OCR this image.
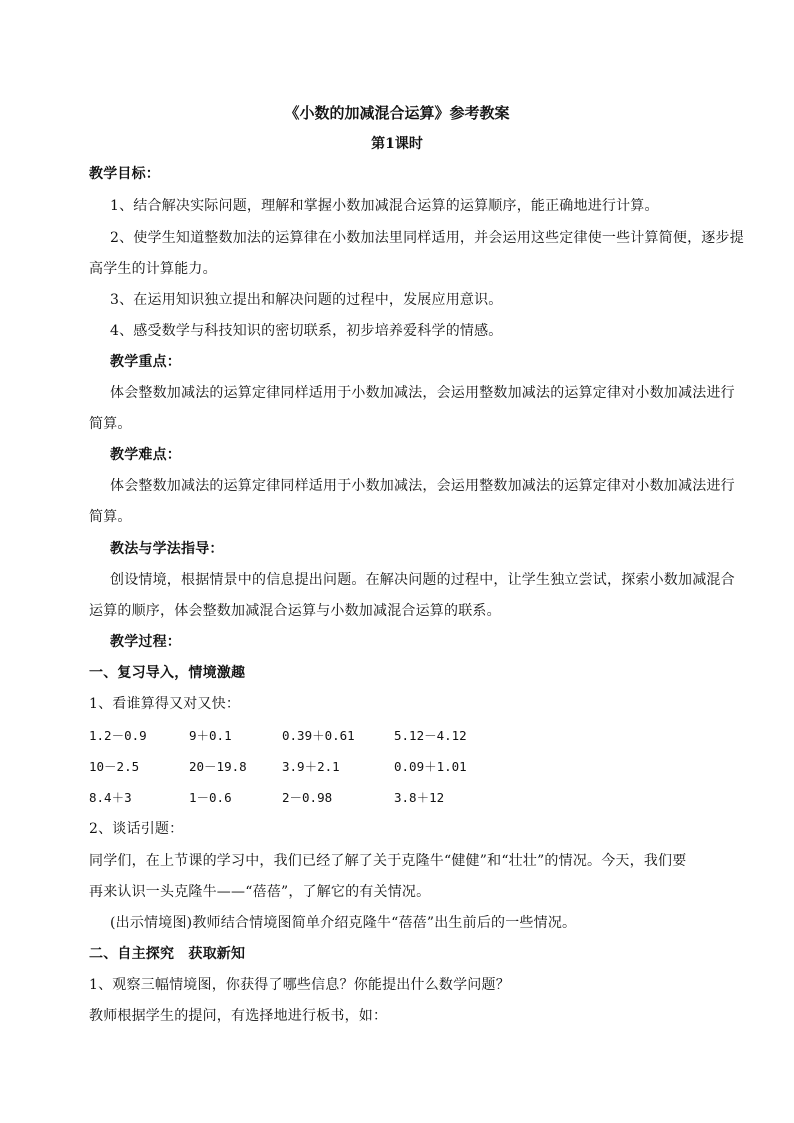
《小数的加减混合运算》参考教案
第1课时
教学目标：
1、结合解决实际问题，理解和掌握小数加减混合运算的运算顺序，能正确地进行计算。
2、使学生知道整数加法的运算律在小数加法里同样适用，并会运用这些定律使一些计算简便，逐步提
高学生的计算能力。
3、在运用知识独立提出和解决问题的过程中，发展应用意识。
4、感受数学与科技知识的密切联系，初步培养爱科学的情感。
教学重点：
体会整数加减法的运算定律同样适用于小数加减法，会运用整数加减法的运算定律对小数加减法进行
简算。
教学难点：
体会整数加减法的运算定律同样适用于小数加减法，会运用整数加减法的运算定律对小数加减法进行
简算。
教法与学法指导：
创设情境，根据情景中的信息提出问题。在解决问题的过程中，让学生独立尝试，探索小数加减混合
运算的顺序，体会整数加减混合运算与小数加减混合运算的联系。
教学过程：
一、复习导入，情境激趣
1、看谁算得又对又快：
1.2－0.9	9＋0.1	0.39＋0.61	5.12－4.12
10－2.5	20－19.8	3.9＋2.1	0.09＋1.01
8.4＋3	1－0.6	2－0.98	3.8＋12
2、谈话引题：
同学们，在上节课的学习中，我们已经了解了关于克隆牛“健健”和“壮壮”的情况。今天，我们要
再来认识一头克隆牛——“蓓蓓”，了解它的有关情况。
(出示情境图)教师结合情境图简单介绍克隆牛“蓓蓓”出生前后的一些情况。
二、自主探究　获取新知
1、观察三幅情境图，你获得了哪些信息？你能提出什么数学问题？
教师根据学生的提问，有选择地进行板书，如：
